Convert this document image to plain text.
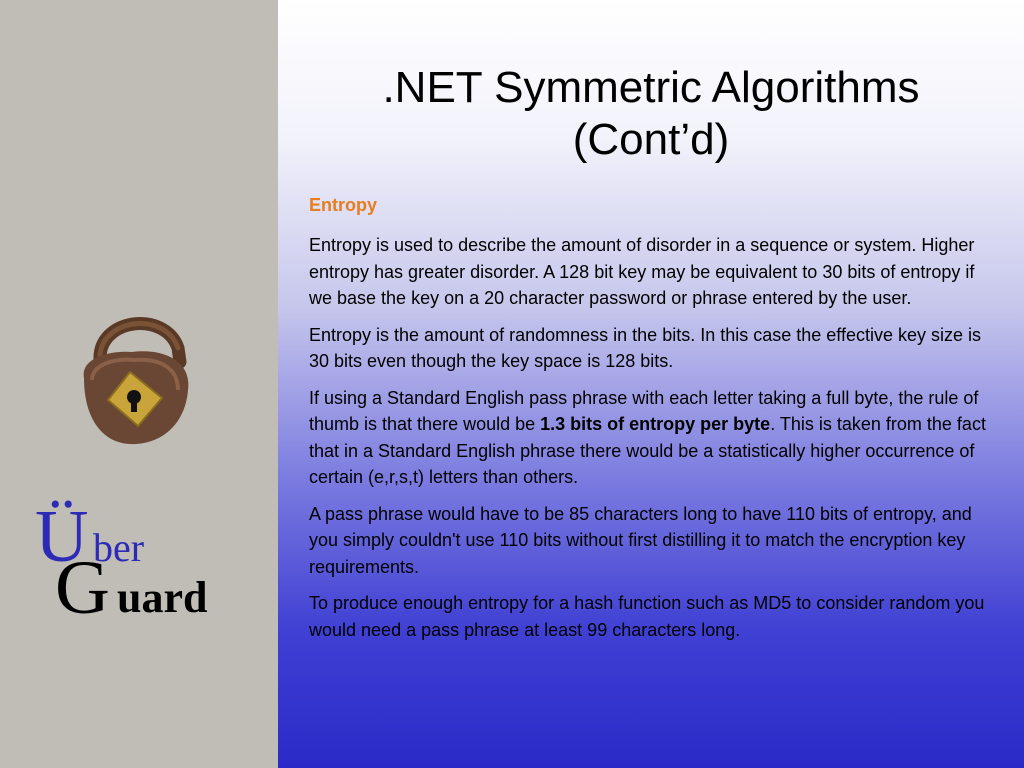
Ü ber
G uard
.NET Symmetric Algorithms
(Cont’d)

Entropy

Entropy is used to describe the amount of disorder in a sequence or system. Higher entropy has greater disorder. A 128 bit key may be equivalent to 30 bits of entropy if we base the key on a 20 character password or phrase entered by the user.

Entropy is the amount of randomness in the bits. In this case the effective key size is 30 bits even though the key space is 128 bits.

If using a Standard English pass phrase with each letter taking a full byte, the rule of thumb is that there would be 1.3 bits of entropy per byte. This is taken from the fact that in a Standard English phrase there would be a statistically higher occurrence of certain (e,r,s,t) letters than others.

A pass phrase would have to be 85 characters long to have 110 bits of entropy, and you simply couldn't use 110 bits without first distilling it to match the encryption key requirements.

To produce enough entropy for a hash function such as MD5 to consider random you would need a pass phrase at least 99 characters long.
